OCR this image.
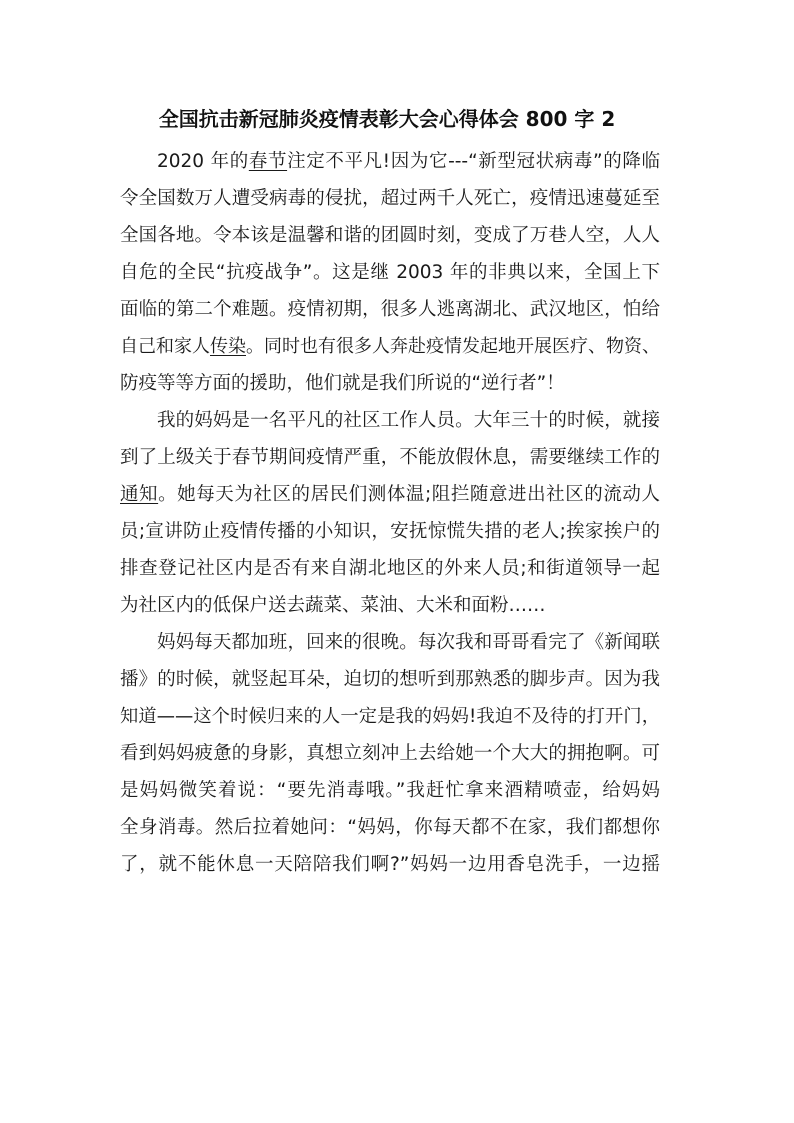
全国抗击新冠肺炎疫情表彰大会心得体会 800 字 2
2020 年的春节注定不平凡!因为它---“新型冠状病毒”的降临
令全国数万人遭受病毒的侵扰，超过两千人死亡，疫情迅速蔓延至
全国各地。令本该是温馨和谐的团圆时刻，变成了万巷人空，人人
自危的全民“抗疫战争”。这是继 2003 年的非典以来，全国上下
面临的第二个难题。疫情初期，很多人逃离湖北、武汉地区，怕给
自己和家人传染。同时也有很多人奔赴疫情发起地开展医疗、物资、
防疫等等方面的援助，他们就是我们所说的“逆行者”！
我的妈妈是一名平凡的社区工作人员。大年三十的时候，就接
到了上级关于春节期间疫情严重，不能放假休息，需要继续工作的
通知。她每天为社区的居民们测体温;阻拦随意进出社区的流动人
员;宣讲防止疫情传播的小知识，安抚惊慌失措的老人;挨家挨户的
排查登记社区内是否有来自湖北地区的外来人员;和街道领导一起
为社区内的低保户送去蔬菜、菜油、大米和面粉……
妈妈每天都加班，回来的很晚。每次我和哥哥看完了《新闻联
播》的时候，就竖起耳朵，迫切的想听到那熟悉的脚步声。因为我
知道——这个时候归来的人一定是我的妈妈!我迫不及待的打开门，
看到妈妈疲惫的身影，真想立刻冲上去给她一个大大的拥抱啊。可
是妈妈微笑着说：“要先消毒哦。”我赶忙拿来酒精喷壶，给妈妈
全身消毒。然后拉着她问：“妈妈，你每天都不在家，我们都想你
了，就不能休息一天陪陪我们啊?”妈妈一边用香皂洗手，一边摇
